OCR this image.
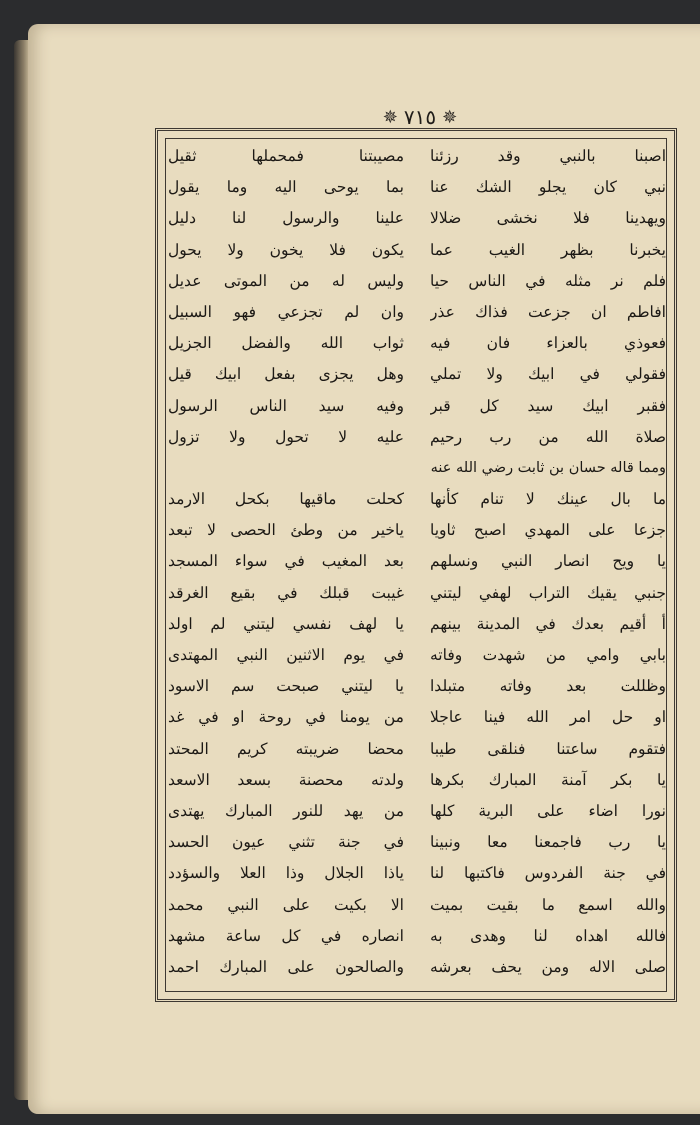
✵
٧١٥
✵
اصبنا بالنبي وقد رزئنا
نبي كان يجلو الشك عنا
ويهدينا فلا نخشى ضلالا
يخبرنا بظهر الغيب عما
فلم نر مثله في الناس حيا
افاطم ان جزعت فذاك عذر
فعوذي بالعزاء فان فيه
فقولي في ابيك ولا تملي
فقبر ابيك سيد كل قبر
صلاة الله من رب رحيم
ومما قاله حسان بن ثابت رضي الله عنه
ما بال عينك لا تنام كأنها
جزعا على المهدي اصبح ثاويا
يا ويح انصار النبي ونسلهم
جنبي يقيك التراب لهفي ليتني
أ أقيم بعدك في المدينة بينهم
بابي وامي من شهدت وفاته
وظللت بعد وفاته متبلدا
او حل امر الله فينا عاجلا
فتقوم ساعتنا فنلقى طيبا
يا بكر آمنة المبارك بكرها
نورا اضاء على البرية كلها
يا رب فاجمعنا معا ونبينا
في جنة الفردوس فاكتبها لنا
والله اسمع ما بقيت بميت
فالله اهداه لنا وهدى به
صلى الاله ومن يحف بعرشه
مصيبتنا فمحملها ثقيل
بما يوحى اليه وما يقول
علينا والرسول لنا دليل
يكون فلا يخون ولا يحول
وليس له من الموتى عديل
وان لم تجزعي فهو السبيل
ثواب الله والفضل الجزيل
وهل يجزى بفعل ابيك قيل
وفيه سيد الناس الرسول
عليه لا تحول ولا تزول
كحلت ماقيها بكحل الارمد
ياخير من وطئ الحصى لا تبعد
بعد المغيب في سواء المسجد
غيبت قبلك في بقيع الغرقد
يا لهف نفسي ليتني لم اولد
في يوم الاثنين النبي المهتدى
يا ليتني صبحت سم الاسود
من يومنا في روحة او في غد
محضا ضريبته كريم المحتد
ولدته محصنة بسعد الاسعد
من يهد للنور المبارك يهتدى
في جنة تثني عيون الحسد
ياذا الجلال وذا العلا والسؤدد
الا بكيت على النبي محمد
انصاره في كل ساعة مشهد
والصالحون على المبارك احمد
